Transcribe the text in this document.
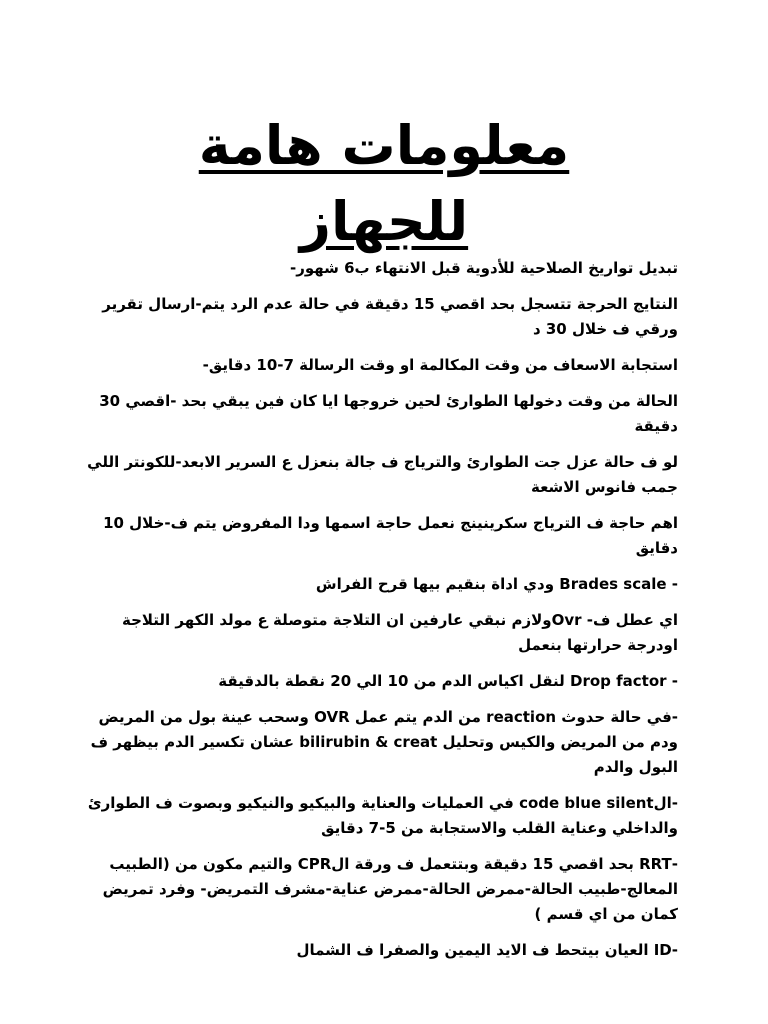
معلومات هامة
للجهاز

تبديل تواريخ الصلاحية للأدوية قبل الانتهاء ب6 شهور-

النتايج الحرجة تتسجل بحد اقصي 15 دقيقة في حالة عدم الرد يتم-ارسال تقرير ورقي ف خلال 30 د

استجابة الاسعاف من وقت المكالمة او وقت الرسالة 7-10 دقايق-

الحالة من وقت دخولها الطوارئ لحين خروجها ايا كان فين يبقي بحد -اقصي 30 دقيقة

لو ف حالة عزل جت الطوارئ والترياج ف جالة بنعزل ع السرير الابعد-للكونتر اللي جمب فانوس الاشعة

اهم حاجة ف الترياج سكرينينج نعمل حاجة اسمها ودا المفروض يتم ف-خلال 10 دقايق

- Brades scale ودي اداة بنقيم بيها قرح الفراش

اي عطل ف- Ovrولازم نبقي عارفين ان التلاجة متوصلة ع مولد الكهر التلاجة اودرجة حرارتها بنعمل

- Drop factor لنقل اكياس الدم من 10 الي 20 نقطة بالدقيقة

-في حالة حدوث reaction من الدم يتم عمل OVR وسحب عينة بول من المريض ودم من المريض والكيس وتحليل bilirubin & creat عشان تكسير الدم بيظهر ف البول والدم

-الcode blue silent في العمليات والعناية والبيكيو والنيكيو وبصوت ف الطوارئ والداخلي وعناية القلب والاستجابة من 5-7 دقايق

-RRT بحد اقصي 15 دقيقة وبتتعمل ف ورقة الCPR والتيم مكون من (الطبيب المعالج-طبيب الحالة-ممرض الحالة-ممرض عناية-مشرف التمريض- وفرد تمريض كمان من اي قسم )

-ID العيان بيتحط ف الايد اليمين والصفرا ف الشمال
